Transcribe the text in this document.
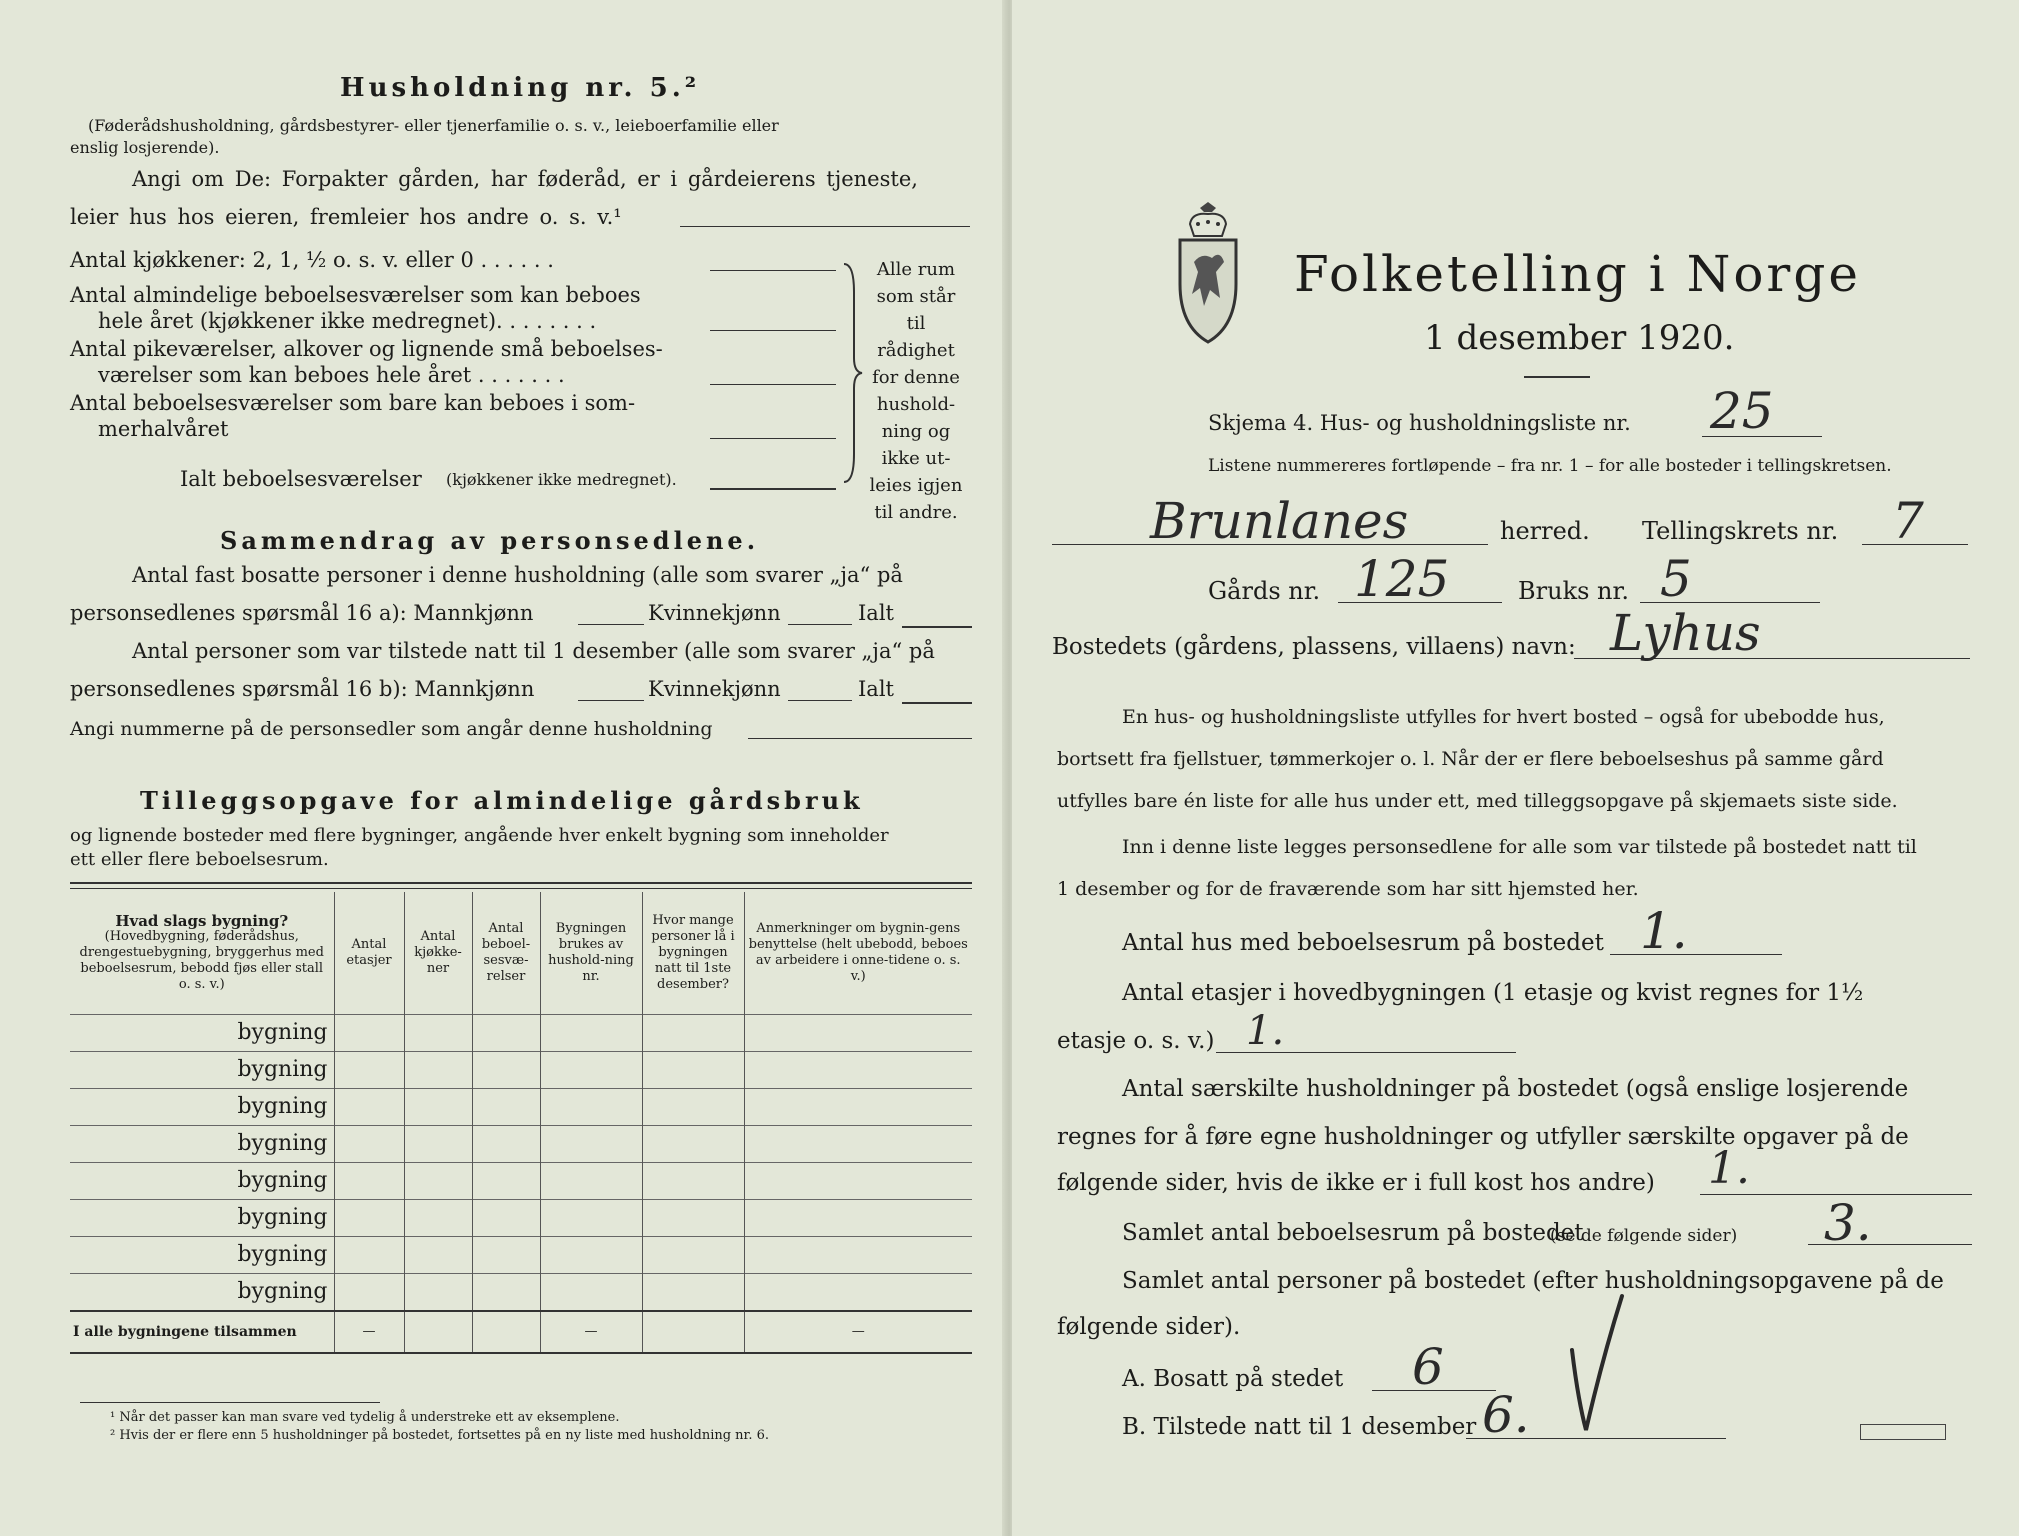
Husholdning nr. 5.²
(Føderådshusholdning, gårdsbestyrer- eller tjenerfamilie o. s. v., leieboerfamilie eller
enslig losjerende).
Angi om De: Forpakter gården, har føderåd, er i gårdeierens tjeneste,
leier hus hos eieren, fremleier hos andre o. s. v.¹
Antal kjøkkener: 2, 1, ½ o. s. v. eller 0 . . . . . .
Antal almindelige beboelsesværelser som kan beboes
hele året (kjøkkener ikke medregnet). . . . . . . .
Antal pikeværelser, alkover og lignende små beboelses-
værelser som kan beboes hele året . . . . . . .
Antal beboelsesværelser som bare kan beboes i som-
merhalvåret
Ialt beboelsesværelser (kjøkkener ikke medregnet).
Alle rum
som står til
rådighet
for denne
hushold-
ning og
ikke ut-
leies igjen
til andre.
Sammendrag av personsedlene.
Antal fast bosatte personer i denne husholdning (alle som svarer „ja“ på
personsedlenes spørsmål 16 a): Mannkjønn	Kvinnekjønn	Ialt
Antal personer som var tilstede natt til 1 desember (alle som svarer „ja“ på
personsedlenes spørsmål 16 b): Mannkjønn	Kvinnekjønn	Ialt
Angi nummerne på de personsedler som angår denne husholdning
Tilleggsopgave for almindelige gårdsbruk
og lignende bosteder med flere bygninger, angående hver enkelt bygning som inneholder
ett eller flere beboelsesrum.
Hvad slags bygning?
(Hovedbygning, føderådshus, drengestuebygning, bryggerhus med beboelsesrum, bebodd fjøs eller stall o. s. v.)	Antal etasjer	Antal kjøkke-ner	Antal beboel-sesvæ-relser	Bygningen brukes av hushold-ning nr.	Hvor mange personer lå i bygningen natt til 1ste desember?	Anmerkninger om bygnin-gens benyttelse (helt ubebodd, beboes av arbeidere i onne-tidene o. s. v.)
bygning						
bygning						
bygning						
bygning						
bygning						
bygning						
bygning						
bygning						
I alle bygningene tilsammen	—			—		—
¹ Når det passer kan man svare ved tydelig å understreke ett av eksemplene.
² Hvis der er flere enn 5 husholdninger på bostedet, fortsettes på en ny liste med husholdning nr. 6.
Folketelling i Norge
1 desember 1920.
Skjema 4. Hus- og husholdningsliste nr. 25
Listene nummereres fortløpende – fra nr. 1 – for alle bosteder i tellingskretsen.
Brunlanes	herred. Tellingskrets nr. 7
Gårds nr. 125	Bruks nr. 5
Bostedets (gårdens, plassens, villaens) navn: Lyhus
En hus- og husholdningsliste utfylles for hvert bosted – også for ubebodde hus,
bortsett fra fjellstuer, tømmerkojer o. l. Når der er flere beboelseshus på samme gård
utfylles bare én liste for alle hus under ett, med tilleggsopgave på skjemaets siste side.
Inn i denne liste legges personsedlene for alle som var tilstede på bostedet natt til
1 desember og for de fraværende som har sitt hjemsted her.
Antal hus med beboelsesrum på bostedet 1.
Antal etasjer i hovedbygningen (1 etasje og kvist regnes for 1½
etasje o. s. v.) 1.
Antal særskilte husholdninger på bostedet (også enslige losjerende
regnes for å føre egne husholdninger og utfyller særskilte opgaver på de
følgende sider, hvis de ikke er i full kost hos andre) 1.
Samlet antal beboelsesrum på bostedet
(se de følgende sider) 3.
Samlet antal personer på bostedet (efter husholdningsopgavene på de
følgende sider).
A. Bosatt på stedet 6
B. Tilstede natt til 1 desember 6.
